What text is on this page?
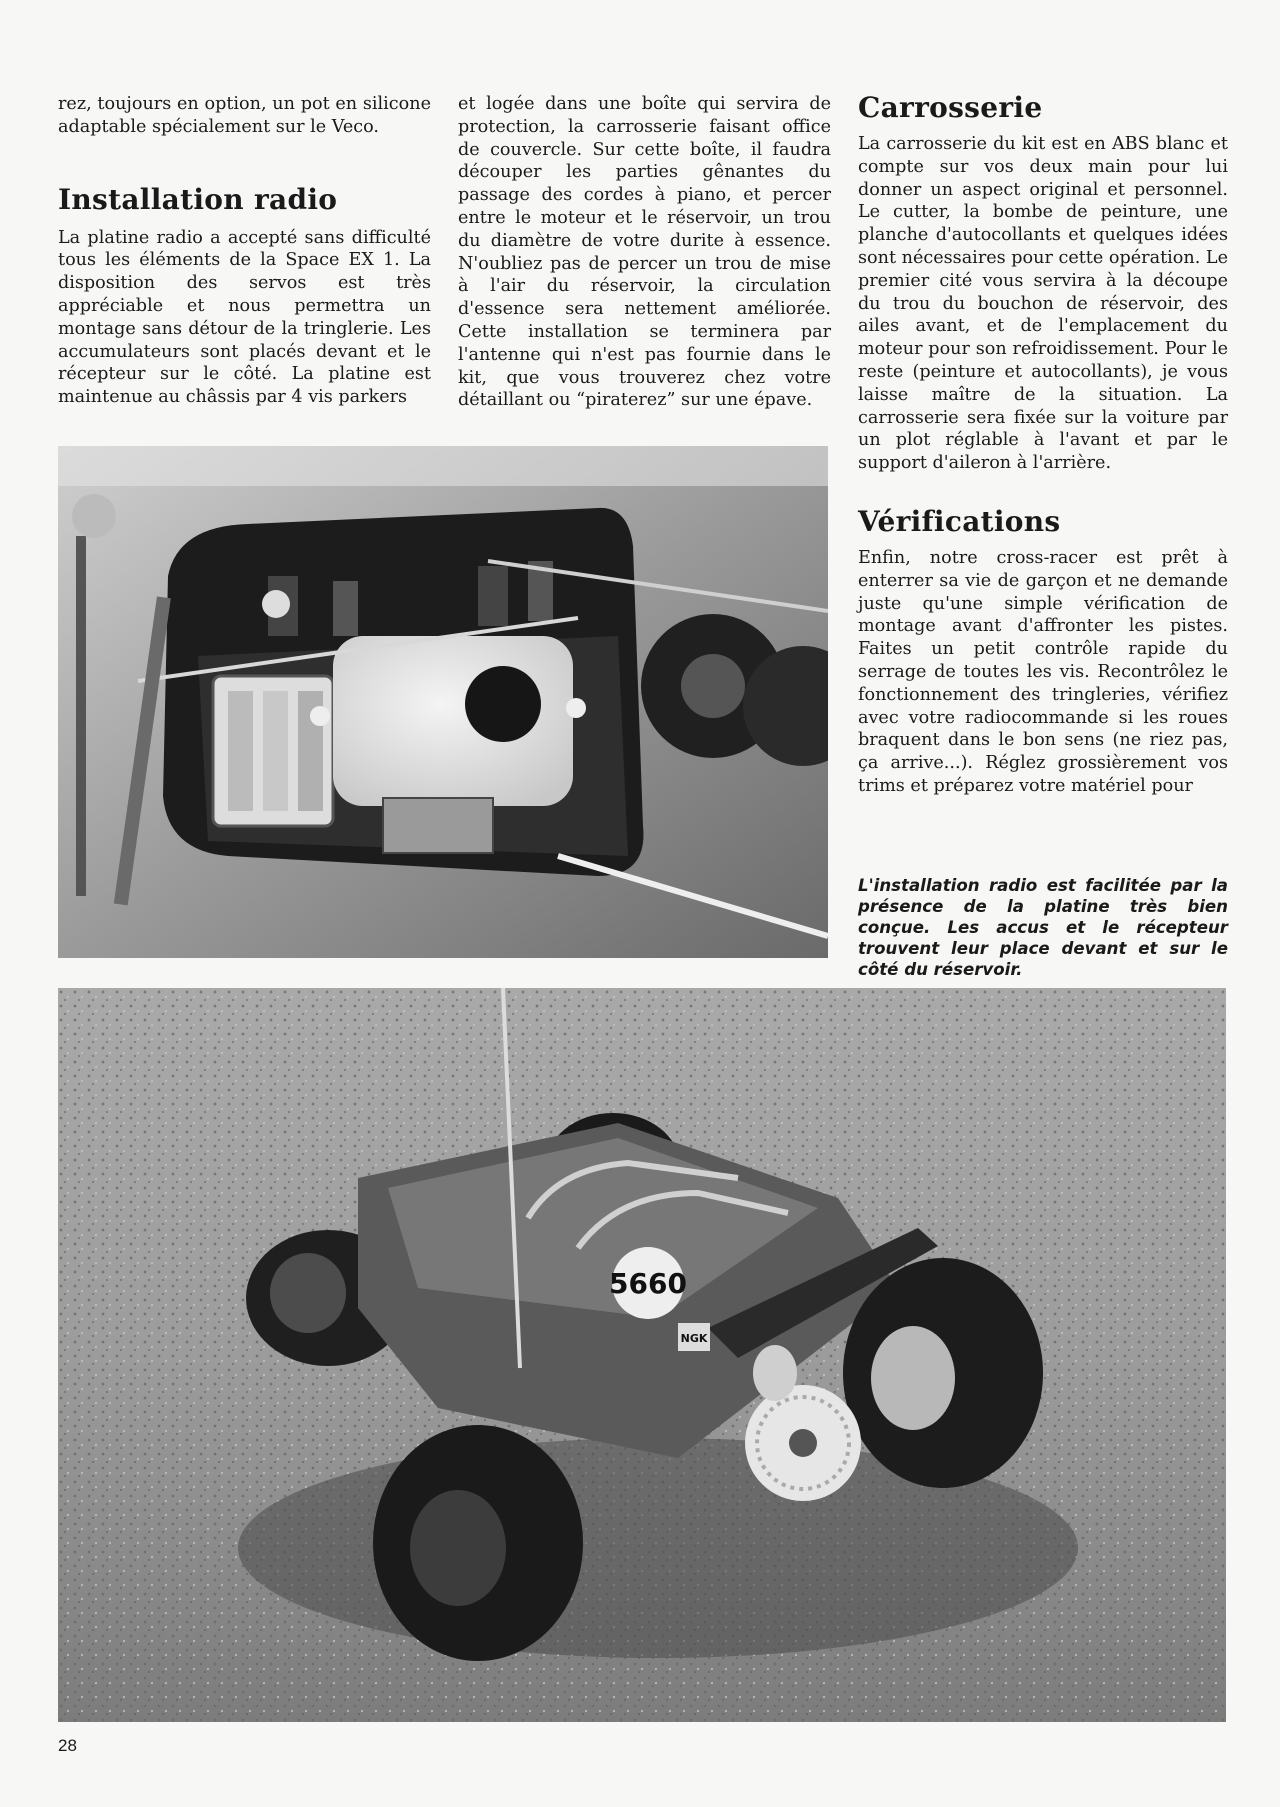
rez, toujours en option, un pot en silicone adaptable spécialement sur le Veco.

Installation radio

La platine radio a accepté sans difficulté tous les éléments de la Space EX 1. La disposition des servos est très appréciable et nous permettra un montage sans détour de la tringlerie. Les accumulateurs sont placés devant et le récepteur sur le côté. La platine est maintenue au châssis par 4 vis parkers

et logée dans une boîte qui servira de protection, la carrosserie faisant office de couvercle. Sur cette boîte, il faudra découper les parties gênantes du passage des cordes à piano, et percer entre le moteur et le réservoir, un trou du diamètre de votre durite à essence. N'oubliez pas de percer un trou de mise à l'air du réservoir, la circulation d'essence sera nettement améliorée. Cette installation se terminera par l'antenne qui n'est pas fournie dans le kit, que vous trouverez chez votre détaillant ou “piraterez” sur une épave.

Carrosserie

La carrosserie du kit est en ABS blanc et compte sur vos deux main pour lui donner un aspect original et personnel. Le cutter, la bombe de peinture, une planche d'autocollants et quelques idées sont nécessaires pour cette opération. Le premier cité vous servira à la découpe du trou du bouchon de réservoir, des ailes avant, et de l'emplacement du moteur pour son refroidissement. Pour le reste (peinture et autocollants), je vous laisse maître de la situation. La carrosserie sera fixée sur la voiture par un plot réglable à l'avant et par le support d'aileron à l'arrière.

Vérifications

Enfin, notre cross-racer est prêt à enterrer sa vie de garçon et ne demande juste qu'une simple vérification de montage avant d'affronter les pistes. Faites un petit contrôle rapide du serrage de toutes les vis. Recontrôlez le fonctionnement des tringleries, vérifiez avec votre radiocommande si les roues braquent dans le bon sens (ne riez pas, ça arrive...). Réglez grossièrement vos trims et préparez votre matériel pour

L'installation radio est facilitée par la présence de la platine très bien conçue. Les accus et le récepteur trouvent leur place devant et sur le côté du réservoir.
5660
NGK
28
